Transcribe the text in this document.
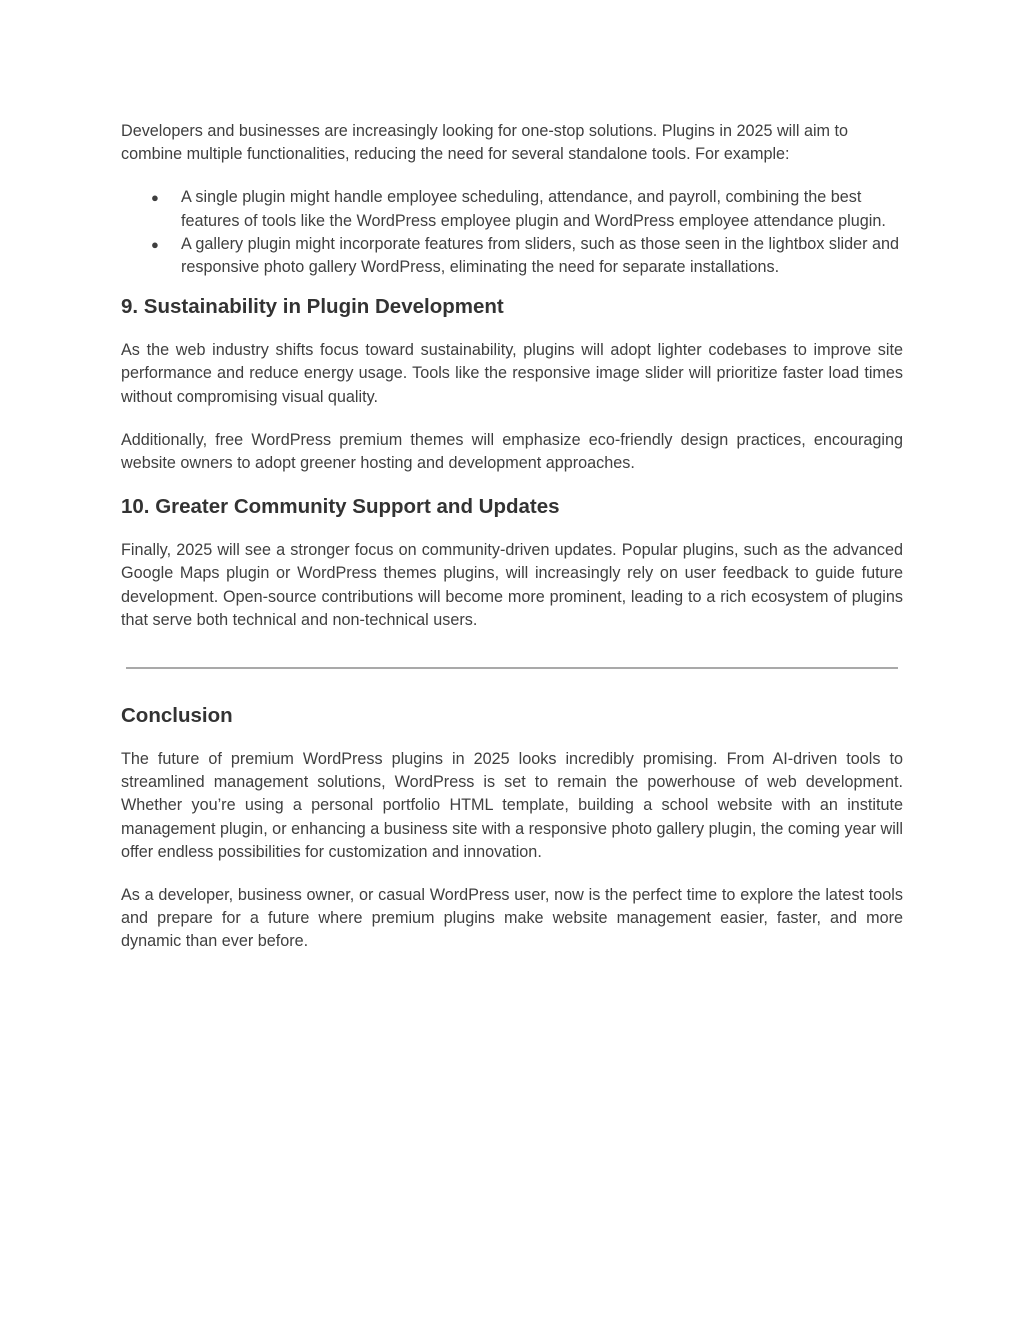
Developers and businesses are increasingly looking for one-stop solutions. Plugins in 2025 will aim to combine multiple functionalities, reducing the need for several standalone tools. For example:

● A single plugin might handle employee scheduling, attendance, and payroll, combining the best features of tools like the WordPress employee plugin and WordPress employee attendance plugin.
● A gallery plugin might incorporate features from sliders, such as those seen in the lightbox slider and responsive photo gallery WordPress, eliminating the need for separate installations.
9. Sustainability in Plugin Development

As the web industry shifts focus toward sustainability, plugins will adopt lighter codebases to improve site performance and reduce energy usage. Tools like the responsive image slider will prioritize faster load times without compromising visual quality.

Additionally, free WordPress premium themes will emphasize eco-friendly design practices, encouraging website owners to adopt greener hosting and development approaches.

10. Greater Community Support and Updates

Finally, 2025 will see a stronger focus on community-driven updates. Popular plugins, such as the advanced Google Maps plugin or WordPress themes plugins, will increasingly rely on user feedback to guide future development. Open-source contributions will become more prominent, leading to a rich ecosystem of plugins that serve both technical and non-technical users.

Conclusion

The future of premium WordPress plugins in 2025 looks incredibly promising. From AI-driven tools to streamlined management solutions, WordPress is set to remain the powerhouse of web development. Whether you’re using a personal portfolio HTML template, building a school website with an institute management plugin, or enhancing a business site with a responsive photo gallery plugin, the coming year will offer endless possibilities for customization and innovation.

As a developer, business owner, or casual WordPress user, now is the perfect time to explore the latest tools and prepare for a future where premium plugins make website management easier, faster, and more dynamic than ever before.
